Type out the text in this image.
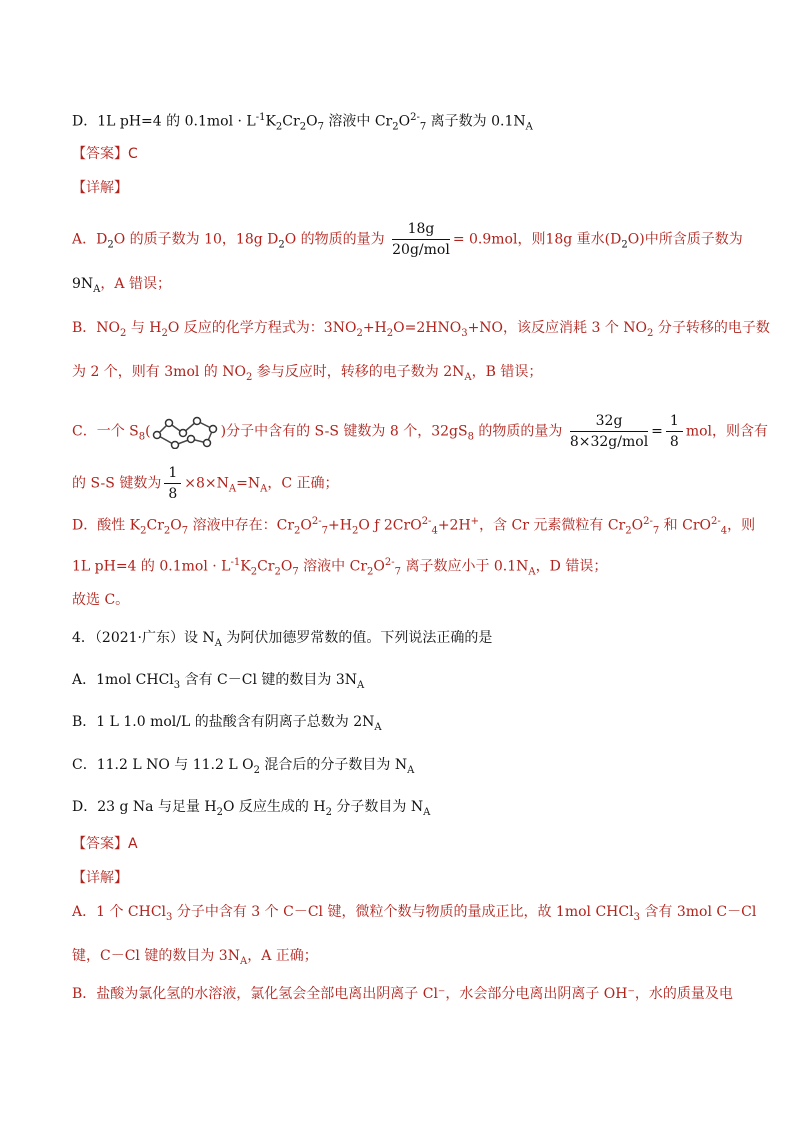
D．1L pH=4 的 $0.1mol \cdot L^{-1}K_2Cr_2O_7$ 溶液中 $Cr_2O^{2-}_7$ 离子数为 $0.1N_A$
【答案】C
【详解】
A．$D_2O$ 的质子数为 10，18g $D_2O$ 的物质的量为 $\frac{18g}{\text{20g/mol}} = 0.9mol$，则18g 重水$(D_2O)$中所含质子数为
$9N_A$，A 错误；
B．$NO_2$ 与 $H_2O$ 反应的化学方程式为：$3NO_2+H_2O=2HNO_3+NO$，该反应消耗 3 个 $NO_2$ 分子转移的电子数
为 2 个，则有 3mol 的 $NO_2$ 参与反应时，转移的电子数为 $2N_A$，B 错误；
C．一个 $S_8$(	)分子中含有的 S-S 键数为 8 个，$32gS_8$ 的物质的量为 $\frac{32g}{\text{8×32g/mol}} = \frac{1}{8}$ mol，则含有
的 S-S 键数为 $\frac{1}{8} \times 8\times N_A=N_A$，C 正确；
D．酸性 $K_2Cr_2O_7$ 溶液中存在：$Cr_2O^{2-}_7+H_2O$ ƒ 2CrO$^{2-}_4$+2H+，含 Cr 元素微粒有 $Cr_2O^{2-}_7$ 和 CrO$^{2-}_4$，则
1L pH=4 的 $0.1mol \cdot L^{-1}K_2Cr_2O_7$ 溶液中 $Cr_2O^{2-}_7$ 离子数应小于 $0.1N_A$，D 错误；
故选 C。
4．（2021·广东）设 $N_A$ 为阿伏加德罗常数的值。下列说法正确的是
A．1mol CHCl$_3$ 含有 C－Cl 键的数目为 $3N_A$
B．1 L 1.0 mol/L 的盐酸含有阴离子总数为 $2N_A$
C．11.2 L NO 与 11.2 L $O_2$ 混合后的分子数目为 $N_A$
D．23 g Na 与足量 $H_2O$ 反应生成的 $H_2$ 分子数目为 $N_A$
【答案】A
【详解】
A．1 个 CHCl$_3$ 分子中含有 3 个 C－Cl 键，微粒个数与物质的量成正比，故 1mol CHCl$_3$ 含有 3mol C－Cl
键，C－Cl 键的数目为 $3N_A$，A 正确；
B．盐酸为氯化氢的水溶液，氯化氢会全部电离出阴离子 Cl⁻，水会部分电离出阴离子 OH⁻，水的质量及电
